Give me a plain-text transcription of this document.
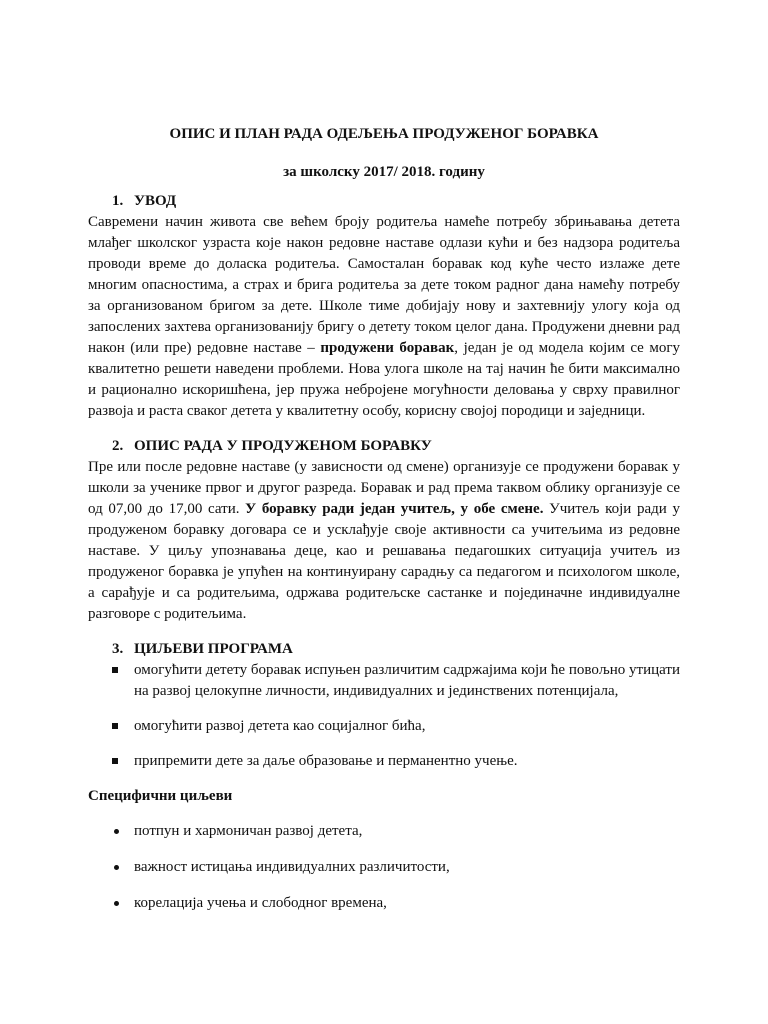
ОПИС И ПЛАН РАДА ОДЕЉЕЊА ПРОДУЖЕНОГ БОРАВКА

за школску 2017/ 2018. годину

1. УВОД

Савремени начин живота све већем броју родитеља намеће потребу збрињавања детета млађег школског узраста које након редовне наставе одлази кући и без надзора родитеља проводи време до доласка родитеља. Самосталан боравак код куће често излаже дете многим опасностима, а страх и брига родитеља за дете током радног дана намећу потребу за организованом бригом за дете. Школе тиме добијају нову и захтевнију улогу која од запослених захтева организованију бригу о детету током целог дана. Продужени дневни рад након (или пре) редовне наставе – продужени боравак, један је од модела којим се могу квалитетно решети наведени проблеми. Нова улога школе на тај начин ће бити максимално и рационално искоришћена, јер пружа небројене могућности деловања у сврху правилног развоја и раста сваког детета у квалитетну особу, корисну својој породици и заједници.

2. ОПИС РАДА У ПРОДУЖЕНОМ БОРАВКУ

Пре или после редовне наставе (у зависности од смене) организује се продужени боравак у школи за ученике првог и другог разреда. Боравак и рад према таквом облику организује се од 07,00 до 17,00 сати. У боравку ради један учитељ, у обе смене. Учитељ који ради у продуженом боравку договара се и усклађује своје активности са учитељима из редовне наставе. У циљу упознавања деце, као и решавања педагошких ситуација учитељ из продуженог боравка је упућен на континуирану сарадњу са педагогом и психологом школе, а сарађује и са родитељима, одржава родитељске састанке и појединачне индивидуалне разговоре с родитељима.

3. ЦИЉЕВИ ПРОГРАМА

омогућити детету боравак испуњен различитим садржајима који ће повољно утицати на развој целокупне личности, индивидуалних и јединствених потенцијала,
омогућити развој детета као социјалног бића,
припремити дете за даље образовање и перманентно учење.

Специфични циљеви

потпун и хармоничан развој детета,
важност истицања индивидуалних различитости,
корелација учења и слободног времена,
